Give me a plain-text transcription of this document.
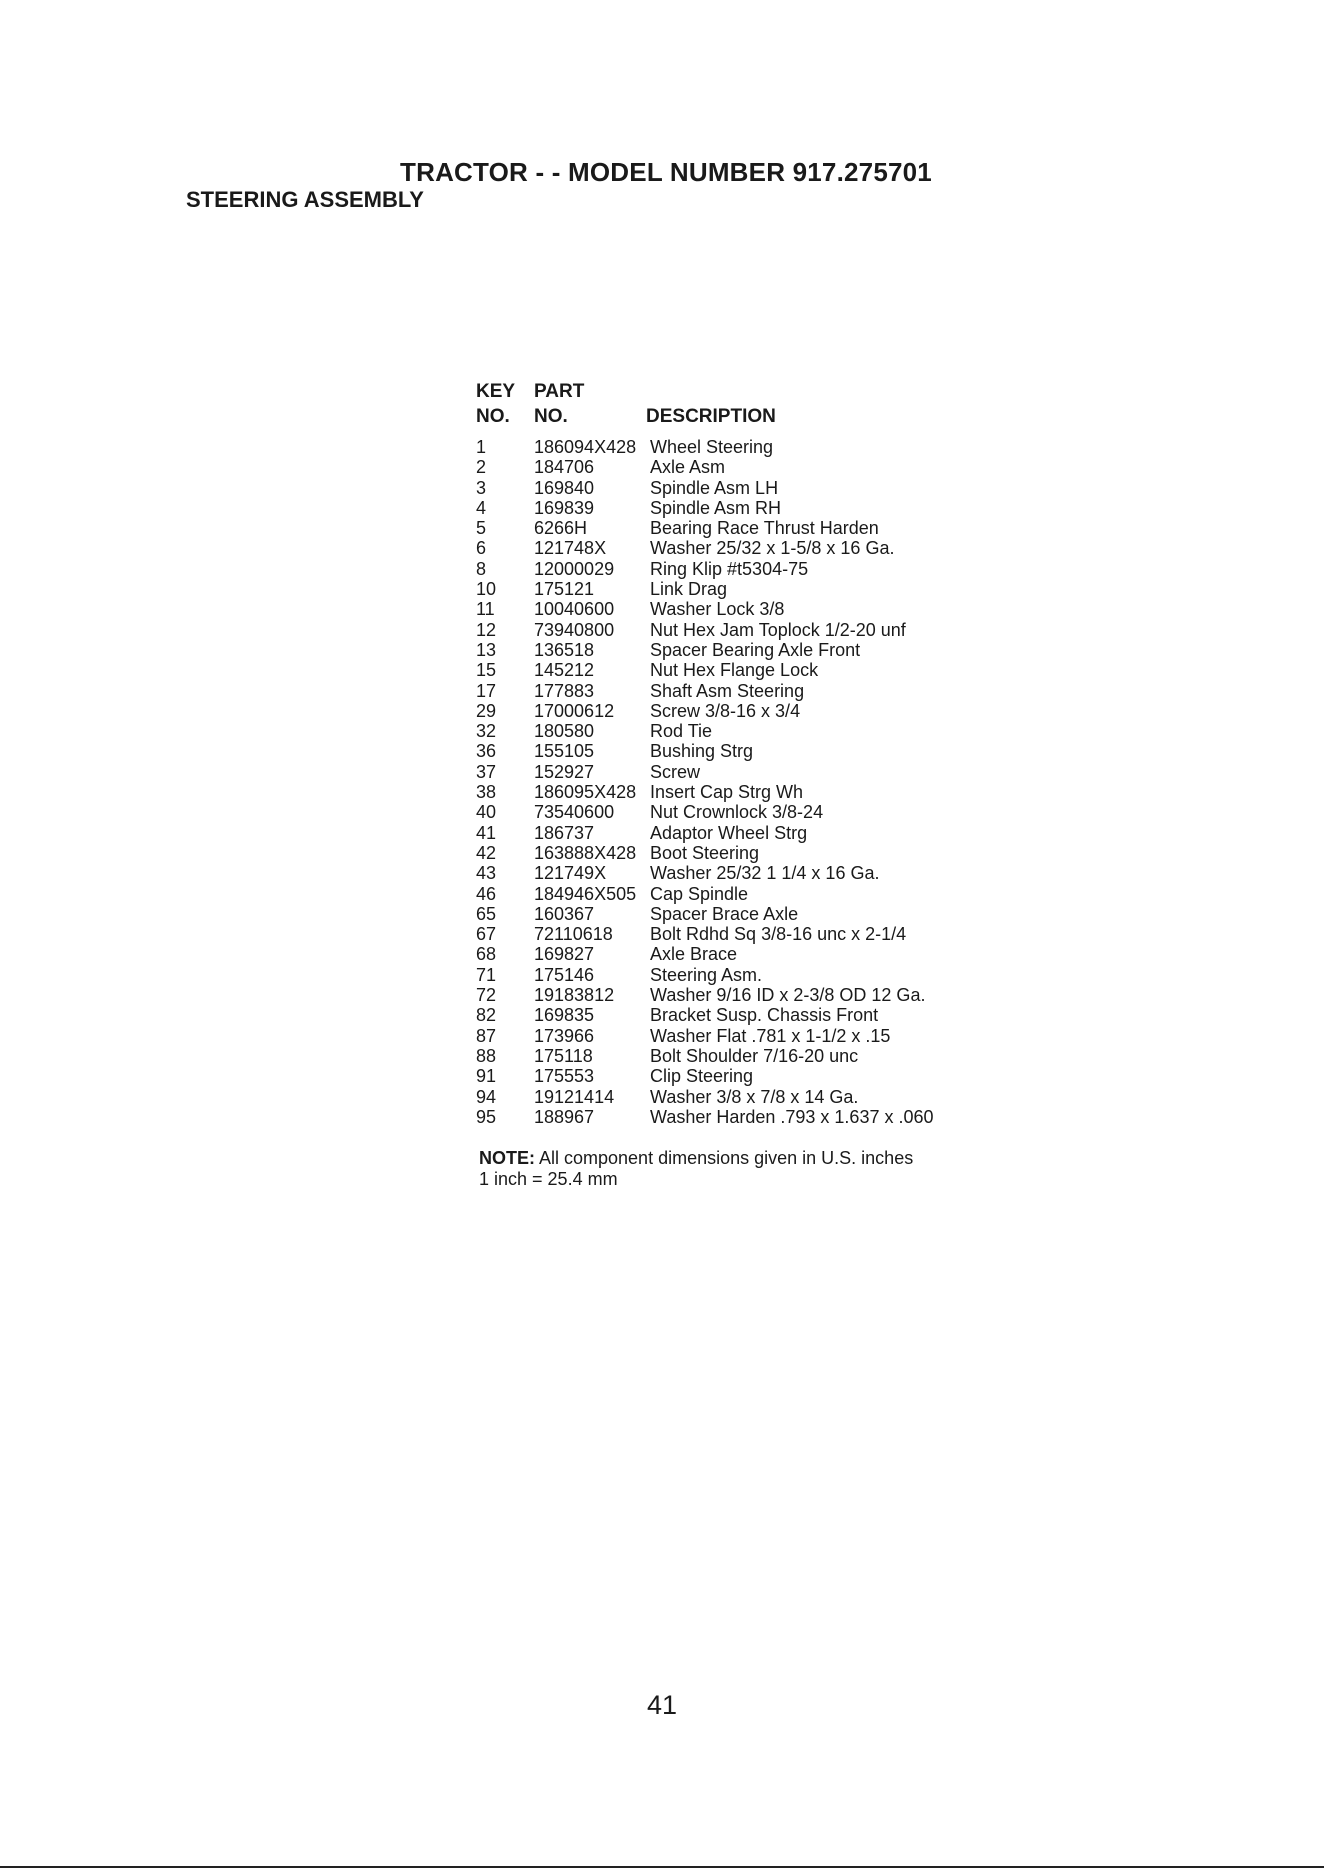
TRACTOR - - MODEL NUMBER 917.275701
STEERING ASSEMBLY
KEY PART
NO. NO.	DESCRIPTION
1	186094X428 Wheel Steering
2	184706	Axle Asm
3	169840	Spindle Asm LH
4	169839	Spindle Asm RH
5	6266H	Bearing Race Thrust Harden
6	121748X Washer 25/32 x 1-5/8 x 16 Ga.
8	12000029 Ring Klip #t5304-75
10 175121	Link Drag
11 10040600 Washer Lock 3/8
12 73940800 Nut Hex Jam Toplock 1/2-20 unf
13 136518	Spacer Bearing Axle Front
15 145212	Nut Hex Flange Lock
17 177883	Shaft Asm Steering
29 17000612 Screw 3/8-16 x 3/4
32 180580	Rod Tie
36 155105	Bushing Strg
37 152927	Screw
38 186095X428 Insert Cap Strg Wh
40 73540600 Nut Crownlock 3/8-24
41 186737	Adaptor Wheel Strg
42 163888X428 Boot Steering
43 121749X Washer 25/32 1 1/4 x 16 Ga.
46 184946X505 Cap Spindle
65 160367	Spacer Brace Axle
67 72110618 Bolt Rdhd Sq 3/8-16 unc x 2-1/4
68 169827	Axle Brace
71 175146	Steering Asm.
72 19183812 Washer 9/16 ID x 2-3/8 OD 12 Ga.
82 169835	Bracket Susp. Chassis Front
87 173966	Washer Flat .781 x 1-1/2 x .15
88 175118	Bolt Shoulder 7/16-20 unc
91 175553	Clip Steering
94 19121414 Washer 3/8 x 7/8 x 14 Ga.
95 188967	Washer Harden .793 x 1.637 x .060
NOTE: All component dimensions given in U.S. inches
1 inch = 25.4 mm
41
